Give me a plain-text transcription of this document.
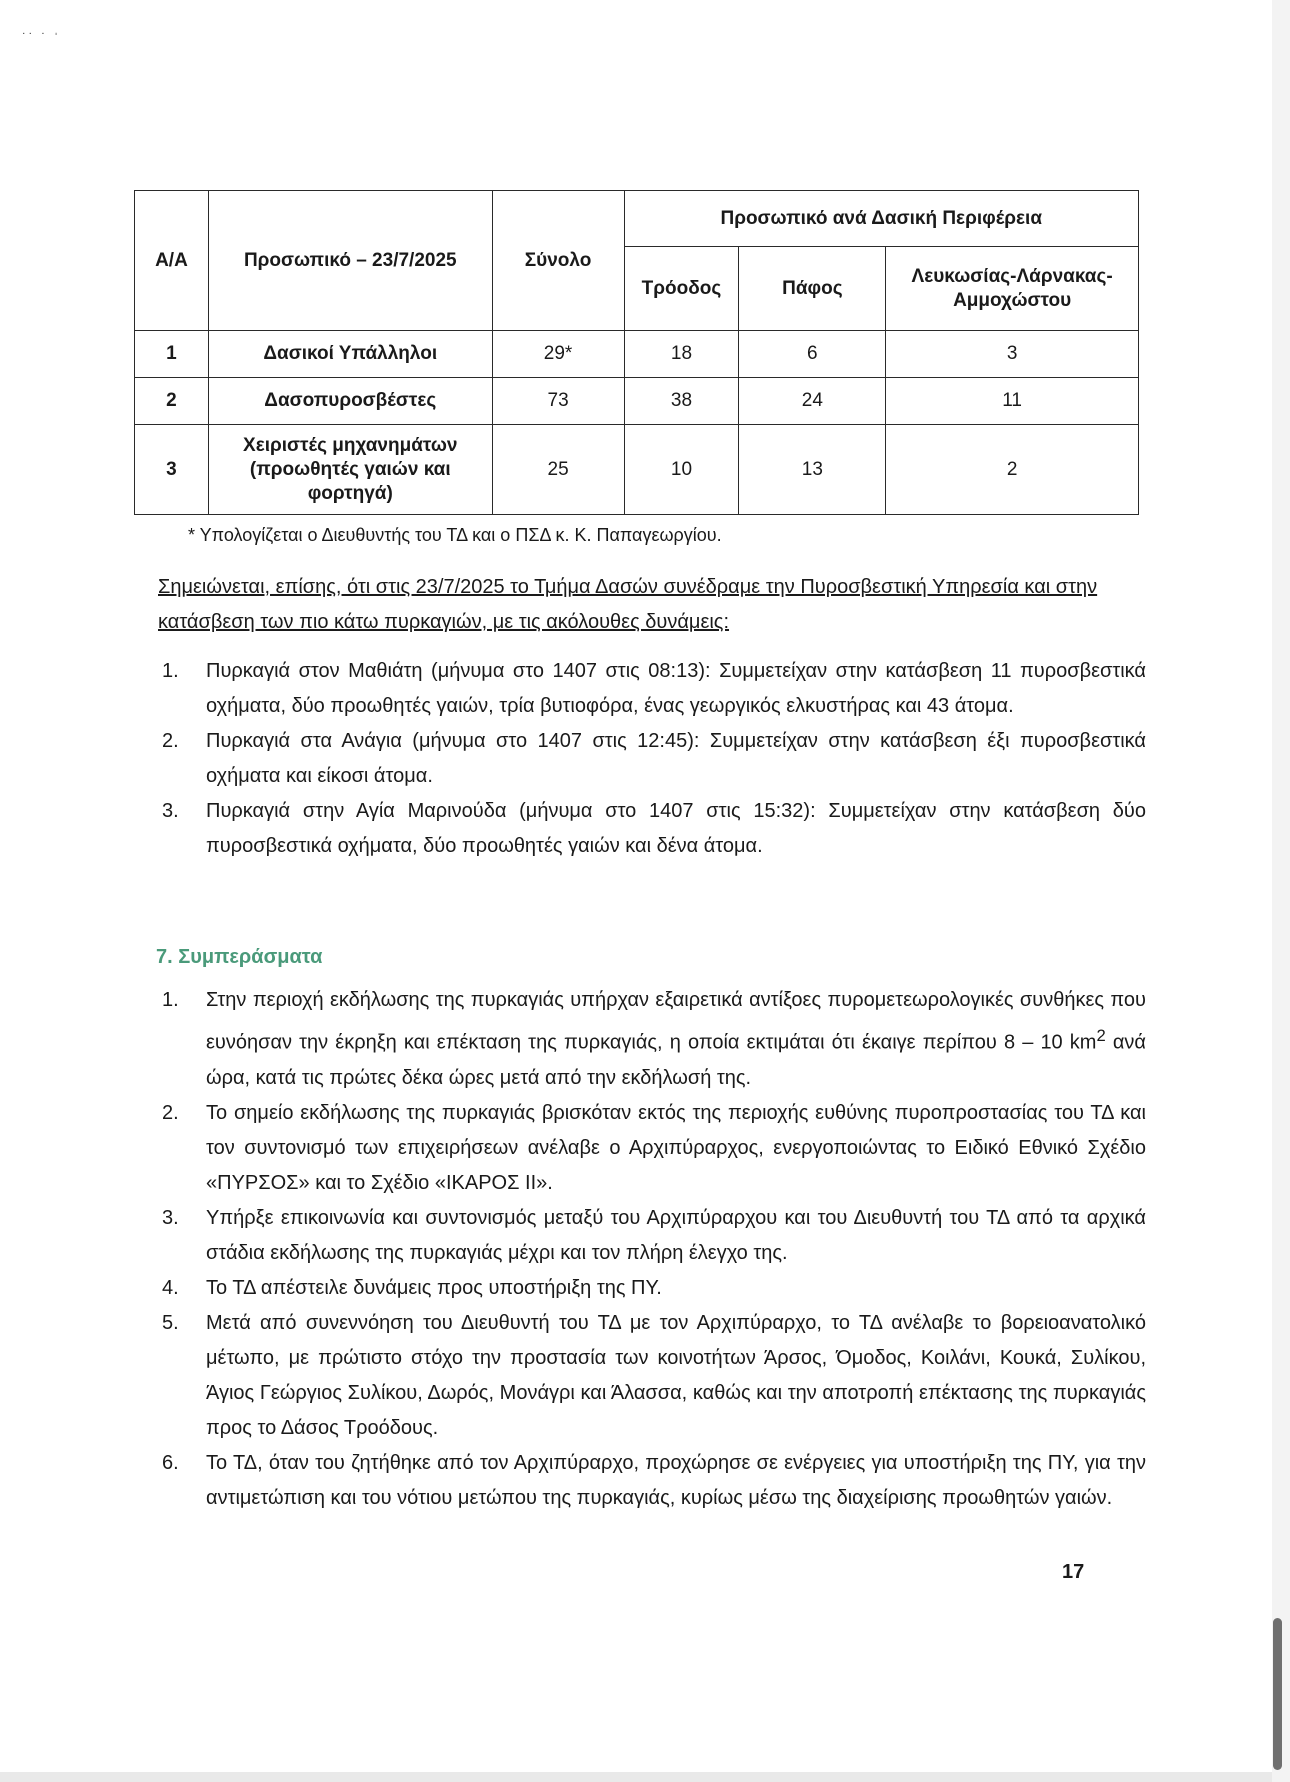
˙˙ ˙ ˈ
Α/Α	Προσωπικό – 23/7/2025	Σύνολο	Προσωπικό ανά Δασική Περιφέρεια		
			Τρόοδος	Πάφος	Λευκωσίας-Λάρνακας-Αμμοχώστου
1	Δασικοί Υπάλληλοι	29*	18	6	3
2	Δασοπυροσβέστες	73	38	24	11
3	Χειριστές μηχανημάτων (προωθητές γαιών και φορτηγά)	25	10	13	2
* Υπολογίζεται ο Διευθυντής του ΤΔ και ο ΠΣΔ κ. Κ. Παπαγεωργίου.
Σημειώνεται, επίσης, ότι στις 23/7/2025 το Τμήμα Δασών συνέδραμε την Πυροσβεστική Υπηρεσία και στην κατάσβεση των πιο κάτω πυρκαγιών, με τις ακόλουθες δυνάμεις:
1. Πυρκαγιά στον Μαθιάτη (μήνυμα στο 1407 στις 08:13): Συμμετείχαν στην κατάσβεση 11 πυροσβεστικά οχήματα, δύο προωθητές γαιών, τρία βυτιοφόρα, ένας γεωργικός ελκυστήρας και 43 άτομα.
2. Πυρκαγιά στα Ανάγια (μήνυμα στο 1407 στις 12:45): Συμμετείχαν στην κατάσβεση έξι πυροσβεστικά οχήματα και είκοσι άτομα.
3. Πυρκαγιά στην Αγία Μαρινούδα (μήνυμα στο 1407 στις 15:32): Συμμετείχαν στην κατάσβεση δύο πυροσβεστικά οχήματα, δύο προωθητές γαιών και δένα άτομα.
7. Συμπεράσματα
1. Στην περιοχή εκδήλωσης της πυρκαγιάς υπήρχαν εξαιρετικά αντίξοες πυρομετεωρολογικές συνθήκες που ευνόησαν την έκρηξη και επέκταση της πυρκαγιάς, η οποία εκτιμάται ότι έκαιγε περίπου 8 – 10 $km^2$ ανά ώρα, κατά τις πρώτες δέκα ώρες μετά από την εκδήλωσή της.
2. Το σημείο εκδήλωσης της πυρκαγιάς βρισκόταν εκτός της περιοχής ευθύνης πυροπροστασίας του ΤΔ και τον συντονισμό των επιχειρήσεων ανέλαβε ο Αρχιπύραρχος, ενεργοποιώντας το Ειδικό Εθνικό Σχέδιο «ΠΥΡΣΟΣ» και το Σχέδιο «ΙΚΑΡΟΣ ΙΙ».
3. Υπήρξε επικοινωνία και συντονισμός μεταξύ του Αρχιπύραρχου και του Διευθυντή του ΤΔ από τα αρχικά στάδια εκδήλωσης της πυρκαγιάς μέχρι και τον πλήρη έλεγχο της.
4. Το ΤΔ απέστειλε δυνάμεις προς υποστήριξη της ΠΥ.
5. Μετά από συνεννόηση του Διευθυντή του ΤΔ με τον Αρχιπύραρχο, το ΤΔ ανέλαβε το βορειοανατολικό μέτωπο, με πρώτιστο στόχο την προστασία των κοινοτήτων Άρσος, Όμοδος, Κοιλάνι, Κουκά, Συλίκου, Άγιος Γεώργιος Συλίκου, Δωρός, Μονάγρι και Άλασσα, καθώς και την αποτροπή επέκτασης της πυρκαγιάς προς το Δάσος Τροόδους.
6. Το ΤΔ, όταν του ζητήθηκε από τον Αρχιπύραρχο, προχώρησε σε ενέργειες για υποστήριξη της ΠΥ, για την αντιμετώπιση και του νότιου μετώπου της πυρκαγιάς, κυρίως μέσω της διαχείρισης προωθητών γαιών.
17
